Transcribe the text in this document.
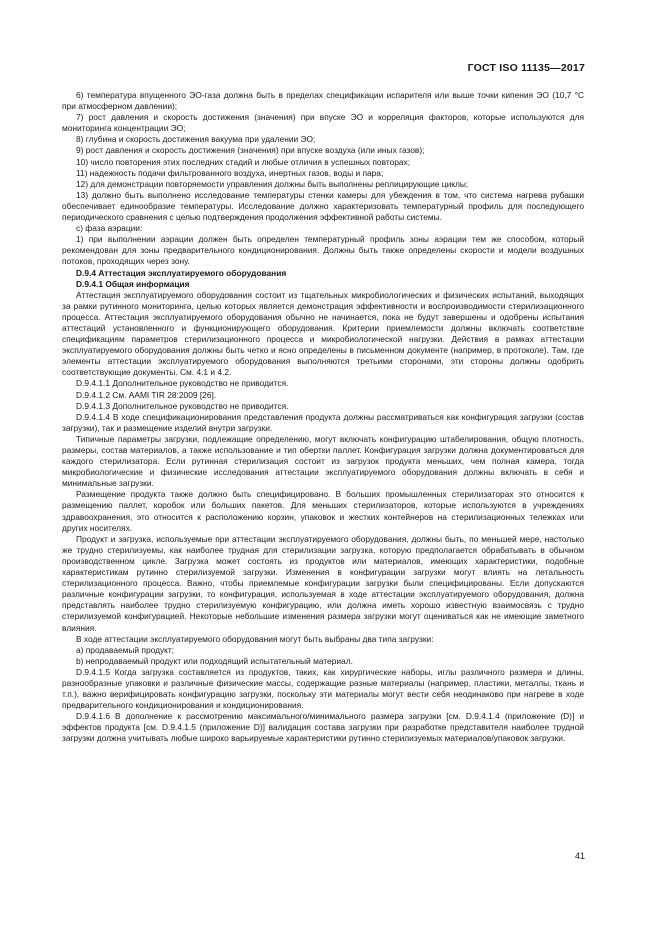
ГОСТ ISO 11135—2017

6) температура впущенного ЭО-газа должна быть в пределах спецификации испарителя или выше точки кипения ЭО (10,7 °С при атмосферном давлении);

7) рост давления и скорость достижения (значения) при впуске ЭО и корреляция факторов, которые используются для мониторинга концентрации ЭО;

8) глубина и скорость достижения вакуума при удалении ЭО;

9) рост давления и скорость достижения (значения) при впуске воздуха (или иных газов);

10) число повторения этих последних стадий и любые отличия в успешных повторах;

11) надежность подачи фильтрованного воздуха, инертных газов, воды и пара;

12) для демонстрации повторяемости управления должны быть выполнены реплицирующие циклы;

13) должно быть выполнено исследование температуры стенки камеры для убеждения в том, что система нагрева рубашки обеспечивает единообразие температуры. Исследование должно характеризовать температурный профиль для последующего периодического сравнения с целью подтверждения продолжения эффективной работы системы.

c) фаза аэрации:

1) при выполнении аэрации должен быть определен температурный профиль зоны аэрации тем же способом, который рекомендован для зоны предварительного кондиционирования. Должны быть также определены скорости и модели воздушных потоков, проходящих через зону.

D.9.4 Аттестация эксплуатируемого оборудования

D.9.4.1 Общая информация

Аттестация эксплуатируемого оборудования состоит из тщательных микробиологических и физических испытаний, выходящих за рамки рутинного мониторинга, целью которых является демонстрация эффективности и воспроизводимости стерилизационного процесса. Аттестация эксплуатируемого оборудования обычно не начинается, пока не будут завершены и одобрены испытания аттестаций установленного и функционирующего оборудования. Критерии приемлемости должны включать соответствие спецификациям параметров стерилизационного процесса и микробиологической нагрузки. Действия в рамках аттестации эксплуатируемого оборудования должны быть четко и ясно определены в письменном документе (например, в протоколе). Там, где элементы аттестации эксплуатируемого оборудования выполняются третьими сторонами, эти стороны должны одобрить соответствующие документы. См. 4.1 и 4.2.

D.9.4.1.1 Дополнительное руководство не приводится.

D.9.4.1.2 См. AAMI TIR 28:2009 [26].

D.9.4.1.3 Дополнительное руководство не приводится.

D.9.4.1.4 В ходе спецификационирования представления продукта должны рассматриваться как конфигурация загрузки (состав загрузки), так и размещение изделий внутри загрузки.

Типичные параметры загрузки, подлежащие определению, могут включать конфигурацию штабелирования, общую плотность, размеры, состав материалов, а также использование и тип обертки паллет. Конфигурация загрузки должна документироваться для каждого стерилизатора. Если рутинная стерилизация состоит из загрузок продукта меньших, чем полная камера, тогда микробиологические и физические исследования аттестации эксплуатируемого оборудования должны включать в себя и минимальные загрузки.

Размещение продукта также должно быть специфицировано. В больших промышленных стерилизаторах это относится к размещению паллет, коробок или больших пакетов. Для меньших стерилизаторов, которые используются в учреждениях здравоохранения, это относится к расположению корзин, упаковок и жестких контейнеров на стерилизационных тележках или других носителях.

Продукт и загрузка, используемые при аттестации эксплуатируемого оборудования, должны быть, по меньшей мере, настолько же трудно стерилизуемы, как наиболее трудная для стерилизации загрузка, которую предполагается обрабатывать в обычном производственном цикле. Загрузка может состоять из продуктов или материалов, имеющих характеристики, подобные характеристикам рутинно стерилизуемой загрузки. Изменения в конфигурации загрузки могут влиять на летальность стерилизационного процесса. Важно, чтобы приемлемые конфигурации загрузки были специфицированы. Если допускаются различные конфигурации загрузки, то конфигурация, используемая в ходе аттестации эксплуатируемого оборудования, должна представлять наиболее трудно стерилизуемую конфигурацию, или должна иметь хорошо известную взаимосвязь с трудно стерилизуемой конфигурацией. Некоторые небольшие изменения размера загрузки могут оцениваться как не имеющие заметного влияния.

В ходе аттестации эксплуатируемого оборудования могут быть выбраны два типа загрузки:

a) продаваемый продукт;

b) непродаваемый продукт или подходящий испытательный материал.

D.9.4.1.5 Когда загрузка составляется из продуктов, таких, как хирургические наборы, иглы различного размера и длины, разнообразные упаковки и различные физические массы, содержащие разные материалы (например, пластики, металлы, ткань и т.п.), важно верифицировать конфигурацию загрузки, поскольку эти материалы могут вести себя неодинаково при нагреве в ходе предварительного кондиционирования и кондиционирования.

D.9.4.1.6 В дополнение к рассмотрению максимального/минимального размера загрузки [см. D.9.4.1.4 (приложение (D)] и эффектов продукта [см. D.9.4.1.5 (приложение D)] валидация состава загрузки при разработке представителя наиболее трудной загрузки должна учитывать любые широко варьируемые характеристики рутинно стерилизуемых материалов/упаковок загрузки.

41
